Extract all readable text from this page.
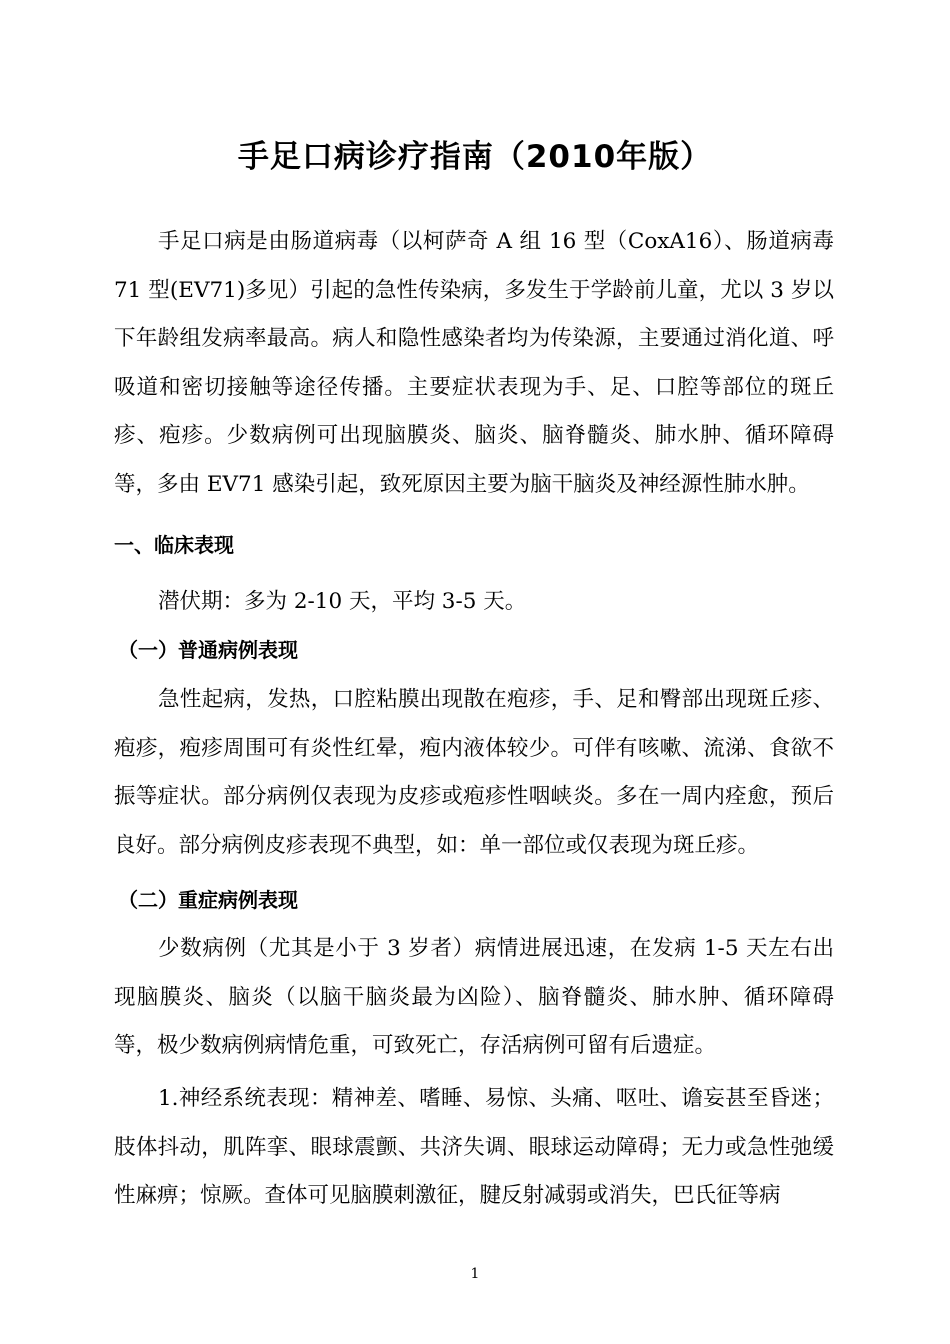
手足口病诊疗指南（2010年版）

手足口病是由肠道病毒（以柯萨奇 A 组 16 型（CoxA16）、肠道病毒71 型(EV71)多见）引起的急性传染病，多发生于学龄前儿童，尤以 3 岁以下年龄组发病率最高。病人和隐性感染者均为传染源，主要通过消化道、呼吸道和密切接触等途径传播。主要症状表现为手、足、口腔等部位的斑丘疹、疱疹。少数病例可出现脑膜炎、脑炎、脑脊髓炎、肺水肿、循环障碍等，多由 EV71 感染引起，致死原因主要为脑干脑炎及神经源性肺水肿。

一、临床表现

潜伏期：多为 2-10 天，平均 3-5 天。

（一）普通病例表现

急性起病，发热，口腔粘膜出现散在疱疹，手、足和臀部出现斑丘疹、疱疹，疱疹周围可有炎性红晕，疱内液体较少。可伴有咳嗽、流涕、食欲不振等症状。部分病例仅表现为皮疹或疱疹性咽峡炎。多在一周内痊愈，预后良好。部分病例皮疹表现不典型，如：单一部位或仅表现为斑丘疹。

（二）重症病例表现

少数病例（尤其是小于 3 岁者）病情进展迅速，在发病 1-5 天左右出现脑膜炎、脑炎（以脑干脑炎最为凶险）、脑脊髓炎、肺水肿、循环障碍等，极少数病例病情危重，可致死亡，存活病例可留有后遗症。

1.神经系统表现：精神差、嗜睡、易惊、头痛、呕吐、谵妄甚至昏迷；肢体抖动，肌阵挛、眼球震颤、共济失调、眼球运动障碍；无力或急性弛缓性麻痹；惊厥。查体可见脑膜刺激征，腱反射减弱或消失，巴氏征等病

1
